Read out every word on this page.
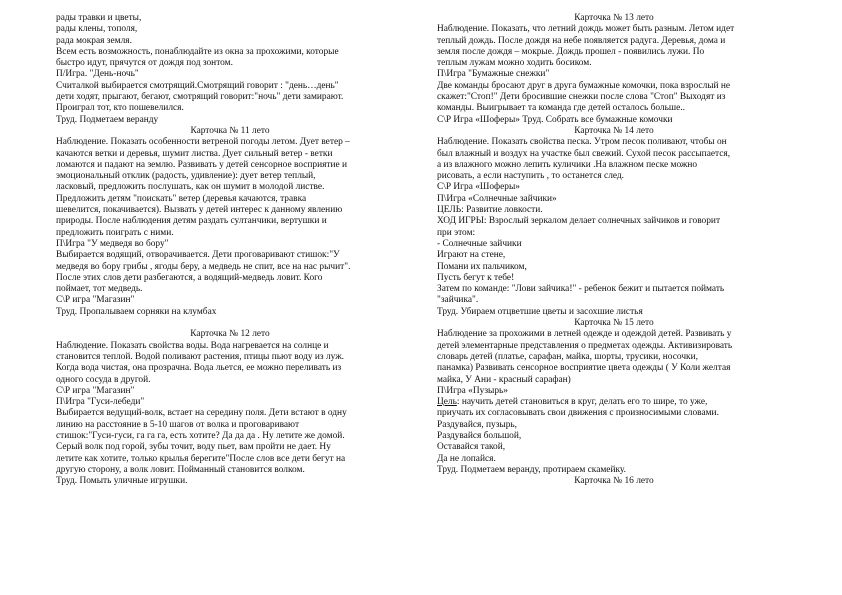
рады травки и цветы,
рады клены, тополя,
рада мокрая земля.
Всем есть возможность, понаблюдайте из окна за прохожими, которые
быстро идут, прячутся от дождя под зонтом.
П/Игра. "День-ночь"
Считалкой выбирается смотрящий.Смотрящий говорит : "день…день"
дети ходят, прыгают, бегают, смотрящий говорит:"ночь" дети замирают.
Проиграл тот, кто пошевелился.
Труд. Подметаем веранду
Карточка № 11 лето
Наблюдение. Показать особенности ветреной погоды летом. Дует ветер –
качаются ветки и деревья, шумит листва. Дует сильный ветер - ветки
ломаются и падают на землю. Развивать у детей сенсорное восприятие и
эмоциональный отклик (радость, удивление): дует ветер теплый,
ласковый, предложить послушать, как он шумит в молодой листве.
Предложить детям "поискать" ветер (деревья качаются, травка
шевелится, покачивается). Вызвать у детей интерес к данному явлению
природы. После наблюдения детям раздать султанчики, вертушки и
предложить поиграть с ними.
П\Игра "У медведя во бору"
Выбирается водящий, отворачивается. Дети проговаривают стишок:"У
медведя во бору грибы , ягоды беру, а медведь не спит, все на нас рычит".
После этих слов дети разбегаются, а водящий-медведь ловит. Кого
поймает, тот медведь.
С\Р игра "Магазин"
Труд. Пропалываем сорняки на клумбах
Карточка № 12 лето
Наблюдение. Показать свойства воды. Вода нагревается на солнце и
становится теплой. Водой поливают растения, птицы пьют воду из луж.
Когда вода чистая, она прозрачна. Вода льется, ее можно переливать из
одного сосуда в другой.
С\Р игра "Магазин"
П\Игра "Гуси-лебеди"
Выбирается ведущий-волк, встает на середину поля. Дети встают в одну
линию на расстояние в 5-10 шагов от волка и проговаривают
стишок:"Гуси-гуси, га га га, есть хотите? Да да да . Ну летите же домой.
Серый волк под горой, зубы точит, воду пьет, вам пройти не дает. Ну
летите как хотите, только крылья берегите"После слов все дети бегут на
другую сторону, а волк ловит. Пойманный становится волком.
Труд. Помыть уличные игрушки.
Карточка № 13 лето
Наблюдение. Показать, что летний дождь может быть разным. Летом идет
теплый дождь. После дождя на небе появляется радуга. Деревья, дома и
земля после дождя – мокрые. Дождь прошел - появились лужи. По
теплым лужам можно ходить босиком.
П\Игра "Бумажные снежки"
Две команды бросают друг в друга бумажные комочки, пока взрослый не
скажет:"Стоп!" Дети бросившие снежки после слова "Стоп" Выходят из
команды. Выигрывает та команда где детей осталось больше..
С\Р Игра «Шоферы» Труд. Собрать все бумажные комочки
Карточка № 14 лето
Наблюдение. Показать свойства песка. Утром песок поливают, чтобы он
был влажный и воздух на участке был свежий. Сухой песок рассыпается,
а из влажного можно лепить куличики .На влажном песке можно
рисовать, а если наступить , то останется след.
С\Р Игра «Шоферы»
П\Игра «Солнечные зайчики»
ЦЕЛЬ: Развитие ловкости.
ХОД ИГРЫ: Взрослый зеркалом делает солнечных зайчиков и говорит
при этом:
- Солнечные зайчики
Играют на стене,
Помани их пальчиком,
Пусть бегут к тебе!
Затем по команде: "Лови зайчика!" - ребенок бежит и пытается поймать
"зайчика".
Труд. Убираем отцветшие цветы и засохшие листья
Карточка № 15 лето
Наблюдение за прохожими в летней одежде и одеждой детей. Развивать у
детей элементарные представления о предметах одежды. Активизировать
словарь детей (платье, сарафан, майка, шорты, трусики, носочки,
панамка) Развивать сенсорное восприятие цвета одежды ( У Коли желтая
майка, У Ани - красный сарафан)
П\Игра «Пузырь»
Цель: научить детей становиться в круг, делать его то шире, то уже,
приучать их согласовывать свои движения с произносимыми словами.
Раздувайся, пузырь,
Раздувайся большой,
Оставайся такой,
Да не лопайся.
Труд. Подметаем веранду, протираем скамейку.
Карточка № 16 лето
